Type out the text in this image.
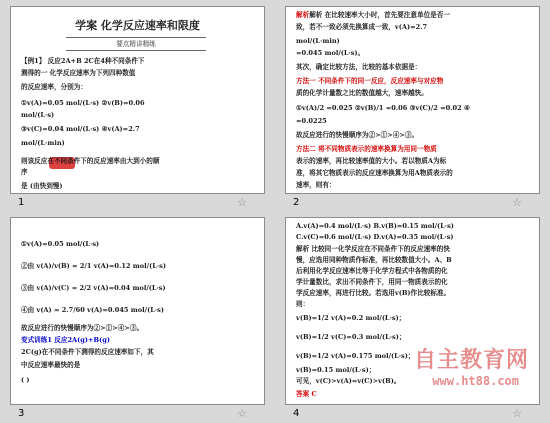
学案 化学反应速率和限度
要点精讲精练
【例1】 反应2A+B 2C在4种不同条件下
测得的一 化学反应速率为下列四种数值
的反应速率，分别为：
①v(A)=0.05 mol/(L·s) ②v(B)=0.06
mol/(L·s)
③v(C)=0.04 mol/(L·s) ④v(A)=2.7
mol/(L·min)
则该反应在不同条件下的反应速率由大到小的顺
序
是 (由快到慢)
1	☆
解析解析 在比较速率大小时，首先要注意单位是否一
致，若不一致必须先换算成一致，v(A)=2.7
mol/(L·min)
=0.045 mol/(L·s)。
其次，确定比较方法，比较的基本依据是：
方法一 不同条件下的同一反应，反应速率与对应物
质的化学计量数之比的数值越大，速率越快。
①v(A)/2 =0.025 ②v(B)/1 =0.06 ③v(C)/2 =0.02 ④
=0.0225
故反应进行的快慢顺序为②>①>④>③。
方法二 将不同物质表示的速率换算为用同一物质
表示的速率，再比较速率值的大小。若以物质A为标
准，将其它物质表示的反应速率换算为用A物质表示的
速率，则有：
2	☆
①v(A)=0.05 mol/(L·s)
②由 v(A)/v(B) = 2/1 v(A)=0.12 mol/(L·s)
③由 v(A)/v(C) = 2/2 v(A)=0.04 mol/(L·s)
④由 v(A) = 2.7/60 v(A)=0.045 mol/(L·s)
故反应进行的快慢顺序为②>①>④>③。
变式训练1 反应2A(g)+B(g)
2C(g)在不同条件下测得的反应速率如下，其
中反应速率最快的是
( )
3	☆
A.v(A)=0.4 mol/(L·s) B.v(B)=0.15 mol/(L·s)
C.v(C)=0.6 mol/(L·s) D.v(A)=0.35 mol/(L·s)
解析 比较同一化学反应在不同条件下的反应速率的快
慢，应选用同种物质作标准，再比较数值大小。A、B
后利用化学反应速率比等于化学方程式中各物质的化
学计量数比，求出不同条件下，用同一物质表示的化
学反应速率，再进行比较。若选用v(B)作比较标准。
则：
v(B)=1/2 v(A)=0.2 mol/(L·s)；
v(B)=1/2 v(C)=0.3 mol/(L·s)；
v(B)=1/2 v(A)=0.175 mol/(L·s)；
v(B)=0.15 mol/(L·s)；
可见，v(C)>v(A)=v(C)>v(B)。
答案 C
自主教育网
www.ht88.com
4	☆
